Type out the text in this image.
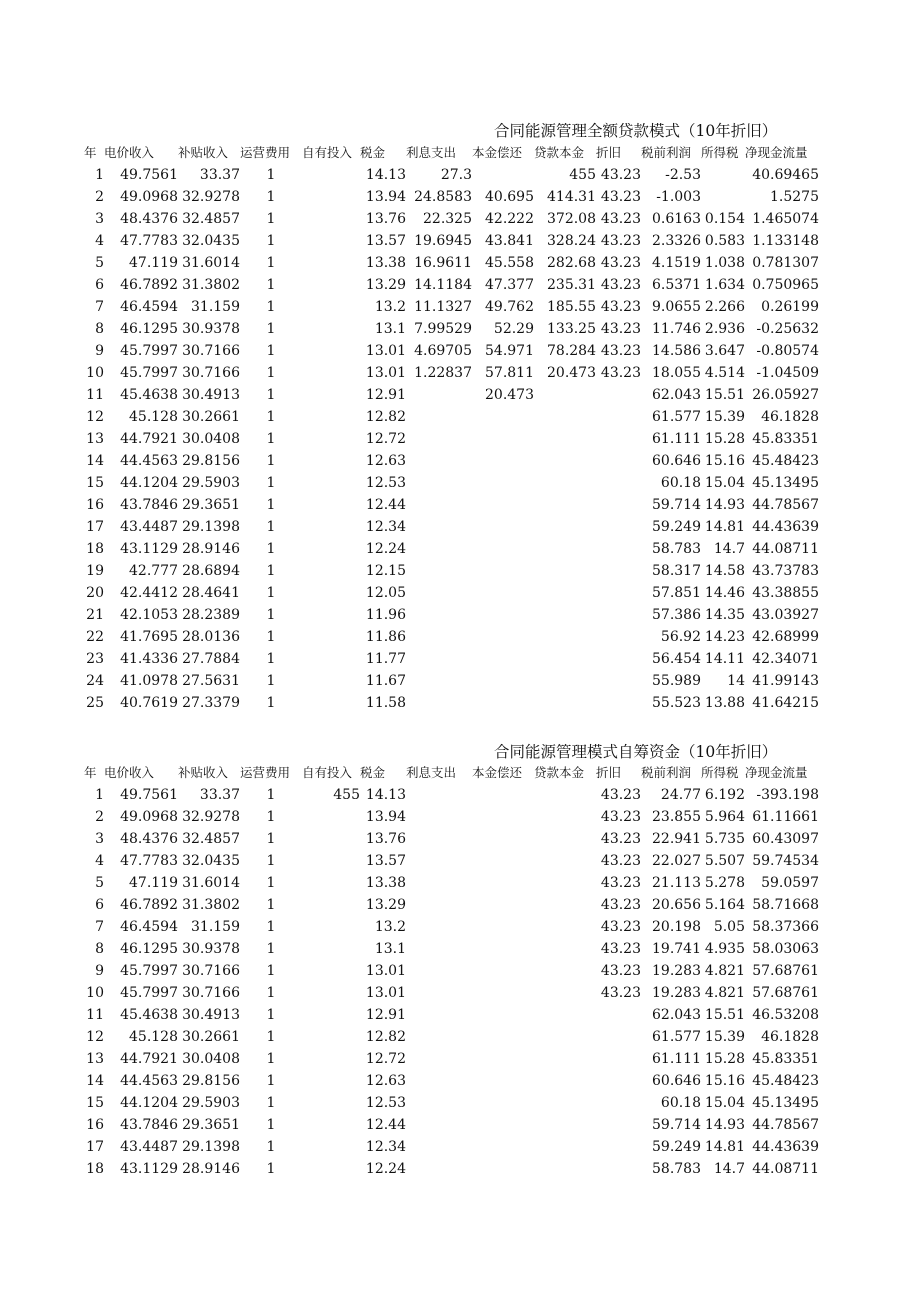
合同能源管理全额贷款模式（10年折旧）
年	电价收入	补贴收入	运营费用	自有投入	税金	利息支出	本金偿还	贷款本金	折旧	税前利润	所得税	净现金流量
1	49.7561	33.37	1		14.13	27.3		455	43.23	-2.53		40.69465
2	49.0968	32.9278	1		13.94	24.8583	40.695	414.31	43.23	-1.003		1.5275
3	48.4376	32.4857	1		13.76	22.325	42.222	372.08	43.23	0.6163	0.154	1.465074
4	47.7783	32.0435	1		13.57	19.6945	43.841	328.24	43.23	2.3326	0.583	1.133148
5	47.119	31.6014	1		13.38	16.9611	45.558	282.68	43.23	4.1519	1.038	0.781307
6	46.7892	31.3802	1		13.29	14.1184	47.377	235.31	43.23	6.5371	1.634	0.750965
7	46.4594	31.159	1		13.2	11.1327	49.762	185.55	43.23	9.0655	2.266	0.26199
8	46.1295	30.9378	1		13.1	7.99529	52.29	133.25	43.23	11.746	2.936	-0.25632
9	45.7997	30.7166	1		13.01	4.69705	54.971	78.284	43.23	14.586	3.647	-0.80574
10	45.7997	30.7166	1		13.01	1.22837	57.811	20.473	43.23	18.055	4.514	-1.04509
11	45.4638	30.4913	1		12.91		20.473			62.043	15.51	26.05927
12	45.128	30.2661	1		12.82					61.577	15.39	46.1828
13	44.7921	30.0408	1		12.72					61.111	15.28	45.83351
14	44.4563	29.8156	1		12.63					60.646	15.16	45.48423
15	44.1204	29.5903	1		12.53					60.18	15.04	45.13495
16	43.7846	29.3651	1		12.44					59.714	14.93	44.78567
17	43.4487	29.1398	1		12.34					59.249	14.81	44.43639
18	43.1129	28.9146	1		12.24					58.783	14.7	44.08711
19	42.777	28.6894	1		12.15					58.317	14.58	43.73783
20	42.4412	28.4641	1		12.05					57.851	14.46	43.38855
21	42.1053	28.2389	1		11.96					57.386	14.35	43.03927
22	41.7695	28.0136	1		11.86					56.92	14.23	42.68999
23	41.4336	27.7884	1		11.77					56.454	14.11	42.34071
24	41.0978	27.5631	1		11.67					55.989	14	41.99143
25	40.7619	27.3379	1		11.58					55.523	13.88	41.64215
合同能源管理模式自筹资金（10年折旧）
年	电价收入	补贴收入	运营费用	自有投入	税金	利息支出	本金偿还	贷款本金	折旧	税前利润	所得税	净现金流量
1	49.7561	33.37	1	455	14.13				43.23	24.77	6.192	-393.198
2	49.0968	32.9278	1		13.94				43.23	23.855	5.964	61.11661
3	48.4376	32.4857	1		13.76				43.23	22.941	5.735	60.43097
4	47.7783	32.0435	1		13.57				43.23	22.027	5.507	59.74534
5	47.119	31.6014	1		13.38				43.23	21.113	5.278	59.0597
6	46.7892	31.3802	1		13.29				43.23	20.656	5.164	58.71668
7	46.4594	31.159	1		13.2				43.23	20.198	5.05	58.37366
8	46.1295	30.9378	1		13.1				43.23	19.741	4.935	58.03063
9	45.7997	30.7166	1		13.01				43.23	19.283	4.821	57.68761
10	45.7997	30.7166	1		13.01				43.23	19.283	4.821	57.68761
11	45.4638	30.4913	1		12.91					62.043	15.51	46.53208
12	45.128	30.2661	1		12.82					61.577	15.39	46.1828
13	44.7921	30.0408	1		12.72					61.111	15.28	45.83351
14	44.4563	29.8156	1		12.63					60.646	15.16	45.48423
15	44.1204	29.5903	1		12.53					60.18	15.04	45.13495
16	43.7846	29.3651	1		12.44					59.714	14.93	44.78567
17	43.4487	29.1398	1		12.34					59.249	14.81	44.43639
18	43.1129	28.9146	1		12.24					58.783	14.7	44.08711
